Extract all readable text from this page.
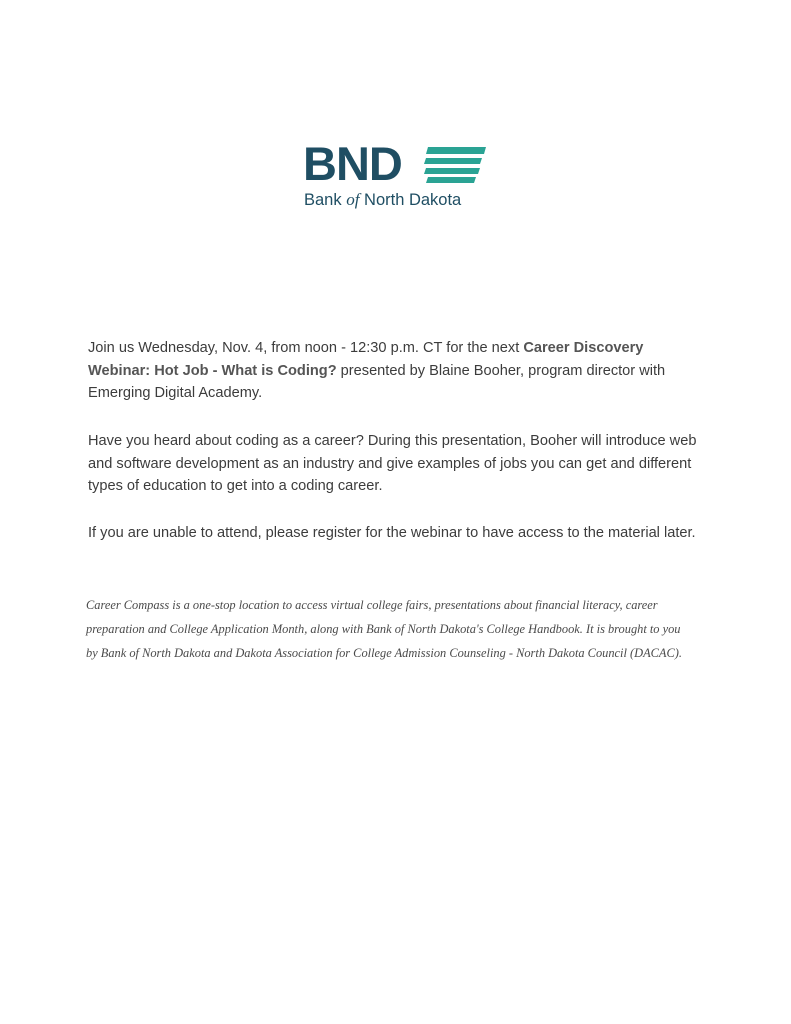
BND
Bank of North Dakota
Join us Wednesday, Nov. 4, from noon - 12:30 p.m. CT for the next Career Discovery Webinar: Hot Job - What is Coding? presented by Blaine Booher, program director with Emerging Digital Academy.
Have you heard about coding as a career? During this presentation, Booher will introduce web and software development as an industry and give examples of jobs you can get and different types of education to get into a coding career.
If you are unable to attend, please register for the webinar to have access to the material later.
Career Compass is a one-stop location to access virtual college fairs, presentations about financial literacy, career preparation and College Application Month, along with Bank of North Dakota's College Handbook. It is brought to you by Bank of North Dakota and Dakota Association for College Admission Counseling - North Dakota Council (DACAC).
